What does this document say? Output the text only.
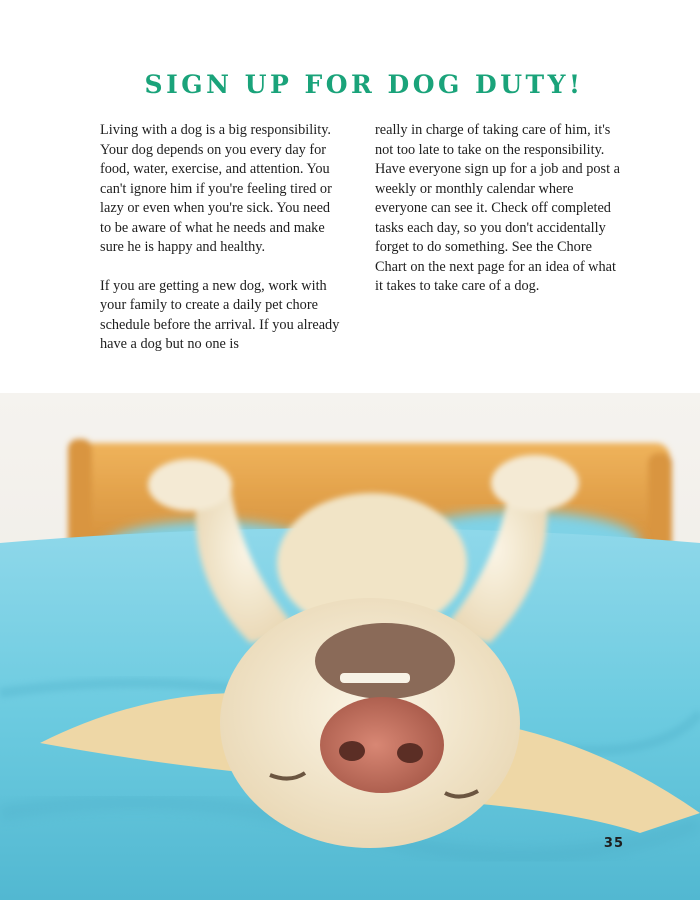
SIGN UP FOR DOG DUTY!

Living with a dog is a big responsibility. Your dog depends on you every day for food, water, exercise, and attention. You can't ignore him if you're feeling tired or lazy or even when you're sick. You need to be aware of what he needs and make sure he is happy and healthy.

If you are getting a new dog, work with your family to create a daily pet chore schedule before the arrival. If you already have a dog but no one is

really in charge of taking care of him, it's not too late to take on the responsibility. Have everyone sign up for a job and post a weekly or monthly calendar where everyone can see it. Check off completed tasks each day, so you don't accidentally forget to do something. See the Chore Chart on the next page for an idea of what it takes to take care of a dog.

35
